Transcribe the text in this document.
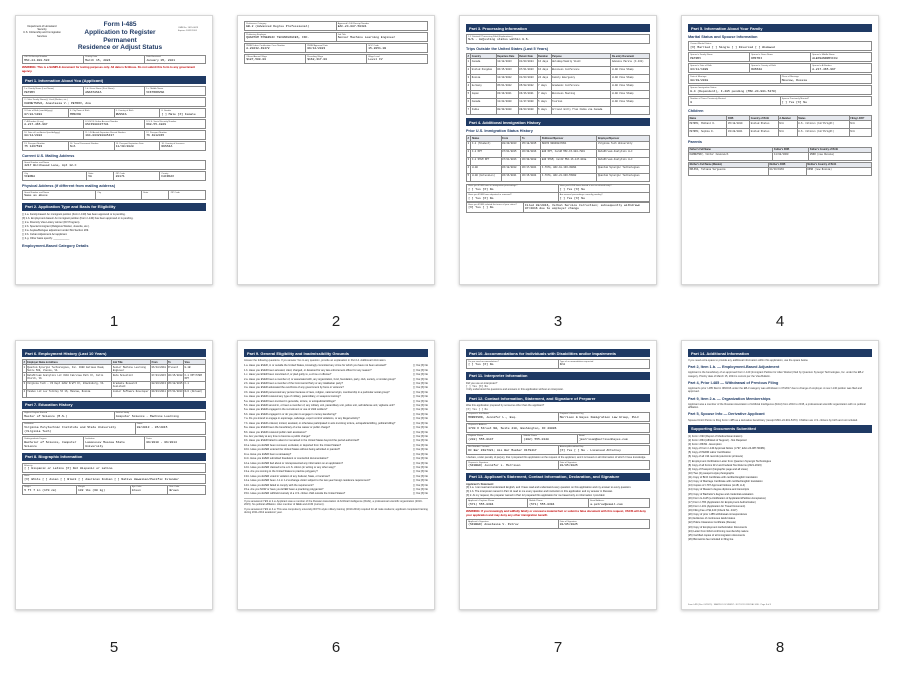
Department of Homeland
Security
U.S. Citizenship and Immigration
Services
Form I-485
Application to Register
Permanent
Residence or Adjust Status
OMB No. 1615-0023
Expires 10/31/2024
USCIS Receipt Number
MSC-24-901-583
Priority Date
March 15, 2024
Date Received
January 05, 2021
WARNING: This is a SAMPLE document for testing purposes only. All data is fictitious. Do not submit this form to any government agency.
Part 1. Information About You (Applicant)
1.a. Family Name (Last Name)
PETROV
1.b. Given Name (First Name)
ANASTASIA
1.c. Middle Name
VIKTOROVNA
2. Other Family Name(s) Used (Maiden, etc.)
KUZNETSOVA, Anastasia V.; PETROV, Ana
3. Date of Birth (mm/dd/yyyy)
07/22/1991
4. City/Town of Birth
MOSCOW
5. Country of Birth
RUSSIA
6. Gender
[ ] Male [X] Female
7. A-Number (if any)
A-217-465-997
8. USCIS Online Account Number
USCIS00437781
9. U.S. Social Security Number
698-55-4829
10. Date of Last Arrival (mm/dd/yyyy)
08/14/2022
11. I-94 Arrival-Departure Record Number
194-003291085437
12. Passport Number
76 4812345
13. Passport Number
75 1467593
14. Travel Document Number
N/A
15. Passport Expiration Date
11/30/2028
16. Country of Issuance
RUSSIA
Current U.S. Mailing Address
Street Number and Name
4217 Birchwood Lane, Apt 12-C
City
VIENNA
State
VA
ZIP Code
20171
County
FAIRFAX
Physical Address (if different from mailing address)
Street Number and Name
Same as above
City	State	ZIP Code
Part 2. Application Type and Basis for Eligibility
[ ] 1.a. Family-based: An immigrant petition (Form I-130) has been approved or is pending.
[X] 1.b. Employment-based: An immigrant petition (Form I-140) has been approved or is pending.
[ ] 2.a. Diversity Visa Lottery winner (DV Program).
[ ] 2.b. Special immigrant (Religious Worker, Juvenile, etc.).
[ ] 3.a. Asylee/Refugee adjustment under INA Section 209.
[ ] 3.b. Cuban Adjustment Act applicant.
[ ] 4.g. Other basis specify: ___________
Employment-Based Category Details
Preference Category
EB-2 (Advanced Degree Professional)
Approved I-140 Receipt Number
EAC-24-087-50381
Petitioning Employer
QUANTUM SYNERGIC TECHNOLOGIES, INC.
Job Title
Senior Machine Learning Engineer
PERM Labor Certification Case Number
A-20232-49472
PERM Approval Date
09/12/2023
SOC Code
15-2051.00
Offered Annual Wage
$187,500.00
Prevailing Wage
$162,317.00
Wage Level
Level IV
Part 3. Processing Information
1.1 Criminal / Processing Filed (Explanations)
N/A - Adjusting status within U.S.
Trips Outside the United States (Last 5 Years)
#	Country	Departure Date	Return Date	Duration	Purpose	Re-entry Document
1	Canada	12/18/2023	01/03/2024	16 days	Holiday/Family Visit	Advance Parole (I-131)
2	United Kingdom	06/15/2023	07/01/2023	16 days	Business Conference	H-1B Visa Stamp
3	Russia	12/10/2022	01/03/2023	24 days	Family Emergency	H-1B Visa Stamp
4	Germany	05/01/2022	05/08/2022	7 days	Academic Conference	H-1B Visa Stamp
5	Japan	03/19/2021	03/26/2021	7 days	Business Meeting	H-1B Visa Stamp
6	Canada	11/22/2020	11/27/2020	5 days	Tourism	H-1B Visa Stamp
7	India	08/30/2020	09/03/2020	5 days	Arrival Entry from India via Canada	
Part 4. Additional Immigration History
Prior U.S. Immigration Status History
#	Status	From	To	Petitioner/Sponsor	Employer/Sponsor
1	F-1 (Student)	08/20/2013	05/18/2015	SEVIS N0049847391	Virginia Tech University
2	F-1 OPT	07/01/2015	06/30/2016	EAD OPT, Card# MSC-15-004-7891	DataStream Analytics LLC
3	F-1 STEM OPT	07/01/2016	06/30/2018	EAD STEM, Card# MSC-16-147-091a	DataStream Analytics LLC
4	H-1B	06/18/2018	06/17/2021	I-797A, WAC-18-193-30094	Quantum Synergic Technologies
5	H-1B (Extension)	06/16/2021	06/15/2024	I-797A, WAC-21-093-55002	Quantum Synergic Technologies
Have you EVER been in immigration proceedings?
[ ] Yes [X] No
Have you EVER been denied a visa or refused entry?
[ ] Yes [X] No
Have you EVER been deported or removed?
[ ] Yes [X] No
Are removal proceedings currently pending?
[ ] Yes [X] No
Have you EVER violated the terms of your status?
[X] Yes [ ] No
Filed 08/2016, Verbal Service Correction; subsequently withdrawn 07/2016 due to employer change
Part 5. Information About Your Family
Marital Status and Spouse Information
Current Marital Status
[X] Married [ ] Single [ ] Divorced [ ] Widowed
Spouse's Family Name
PETROV
Spouse's Given Name
DMITRI
Spouse's Middle Name
ALEKSANDROVICH
Spouse's Date of Birth
03/11/1989
Spouse's Country of Birth
RUSSIA
Spouse's A-Number
A-217-465-997
Date of Marriage
08/19/2018
Place of Marriage
Moscow, Russia
Spouse Immigration Status
H-4 (Dependent), I-485 pending (MSC-24-901-5470)
Number of Times Previously Married
0
Spouse Previously Married?
[ ] Yes [X] No
Children
Name	DOB	Country of Birth	A-Number	Status	Filing I-485?
PETROV, Mikhail D.	05/18/2019	United States	N/A	U.S. Citizen (birthright)	N/A
PETROV, Sophia D.	03/28/2021	United States	N/A	U.S. Citizen (birthright)	N/A
Parents
Father's Full Name	Father's DOB	Father's Country of Birth
KUZNETSOV, Viktor Ivanovich	11/02/1960	USSR (now Russia)
Mother's Full Name (Maiden)	Mother's DOB	Mother's Country of Birth
ORLOVA, Tatiana Sergeevna	04/19/1963	USSR (now Russia)
Part 6. Employment History (Last 10 Years)
#	Employer Name & Address	Job Title	From	To	Visa
1	Quantum Synergic Technologies, Inc. 1900 Gallows Road, Suite 500, Vienna, VA	Senior Machine Learning Engineer	06/18/2018	Present	H-1B
2	DataStream Analytics LLC 3110 Fairview Park Dr, Falls Church, VA	Data Scientist	07/01/2015	06/15/2018	F-1 OPT/STEM OPT
3	Virginia Tech - CS Dept 2202 Kraft Dr, Blacksburg, VA	Graduate Research Assistant	08/20/2013	05/18/2015	F-1
4	Yandex LLC Lev Tolstoy St 16, Moscow, Russia	Junior Software Developer	09/01/2011	07/31/2013	N/A (Abroad)
Part 7. Education History
Highest Degree Earned
Master of Science (M.S.)
Field of Study
Computer Science - Machine Learning
Institution
Virginia Polytechnic Institute and State University (Virginia Tech)
Dates
08/2013 - 05/2015
Undergraduate Degree
Bachelor of Science, Computer Science
Institution
Lomonosov Moscow State University
Dates
09/2010 - 06/2014
Part 8. Biographic Information
Ethnicity
[ ] Hispanic or Latino [X] Not Hispanic or Latino
Race
[X] White [ ] Asian [ ] Black [ ] American Indian [ ] Native Hawaiian/Pacific Islander
Height
5 ft 7 in (170 cm)
Weight
132 lbs (60 kg)
Eye Color
Green
Hair Color
Brown
Part 9. General Eligibility and Inadmissibility Grounds
Answer the following questions. If you answer Yes to any question, provide an explanation in Part 14. Additional Information.
1.a. Have you EVER, in or outside the United States, knowingly committed any crime for which you have not been arrested?	[ ] Yes [X] No
1.b. Have you EVER been arrested, cited, charged, or detained for any law enforcement officer for any reason?	[ ] Yes [X] No
1.c. Have you EVER been convicted of, or pled guilty to, a crime or offense?	[ ] Yes [X] No
2.a. Have you EVER been a member of, or associated with, any organization, fund, foundation, party, club, society, or similar group?	[ ] Yes [X] No
2.b. Have you EVER been a member of the Communist Party or any totalitarian party?	[ ] Yes [X] No
3.a. Have you EVER advocated the overthrow of any government by force or violence?	[ ] Yes [X] No
3.b. Have you EVER persecuted any person because of race, religion, national origin, membership in a particular social group?	[ ] Yes [X] No
4.a. Have you EVER received any type of military, paramilitary, or weapons training?	[ ] Yes [X] No
5.a. Have you EVER been involved in genocide, torture, or extrajudicial killings?	[ ] Yes [X] No
5.b. Have you EVER served in, or been a member of, any military unit, paramilitary unit, police unit, self-defense unit, vigilante unit?	[ ] Yes [X] No
6.a. Have you EVER engaged in the recruitment or use of child soldiers?	[ ] Yes [X] No
6.b. Have you EVER engaged in or do you plan to engage in money laundering?	[ ] Yes [X] No
7.a. Do you intend to engage in espionage, sabotage, export control violations, or any illegal activity?	[ ] Yes [X] No
7.b. Have you EVER ordered, incited, assisted, or otherwise participated in acts involving torture, extrajudicial killing, political killing?	[ ] Yes [X] No
8.a. Have you EVER been the beneficiary of a fee waiver or public charge?	[ ] Yes [X] No
8.b. Have you EVER received public cash assistance?	[ ] Yes [X] No
9.a. Are you likely at any time to become a public charge?	[ ] Yes [X] No
9.b. Have you EVER failed to attend or remained in the United States beyond the period authorized?	[ ] Yes [X] No
10.a. Have you EVER been removed, excluded, or deported from the United States?	[ ] Yes [X] No
10.b. Have you EVER entered the United States without being admitted or paroled?	[ ] Yes [X] No
11.a. Have you EVER been a stowaway?	[ ] Yes [X] No
11.b. Have you EVER submitted fraudulent or counterfeit documentation?	[ ] Yes [X] No
12.a. Have you EVER lied about or misrepresented any information on an application?	[ ] Yes [X] No
12.b. Have you EVER claimed to be a U.S. citizen (in writing or any other way)?	[ ] Yes [X] No
13.a. Are you coming to the United States to practice polygamy?	[ ] Yes [X] No
13.b. Have you EVER voted in violation of any Federal, State, or local law?	[ ] Yes [X] No
14.a. Have you EVER been J-1 or J-2 exchange visitor subject to the two-year foreign residence requirement?	[ ] Yes [X] No
14.b. Have you EVER failed to comply with the requirement?	[ ] Yes [X] No
15.a. Are you NOW or have you EVER been a practicing polygamist?	[ ] Yes [X] No
15.b. Have you EVER withheld custody of a U.S. citizen child outside the United States?	[ ] Yes [X] No
If you answered YES to 2.a: Applicant was a member of the Russian Association of Artificial Intelligence (RAAI), a professional scientific organization (2010-2015). No political affiliation. Also member of IEEE and ACM (current).
If you answered YES to 4.a: This was compulsory university ROTC-style military training (2010-2012) required for all male students; applicant completed training during 2011-2012 academic year.
Part 10. Accommodations for Individuals with Disabilities and/or Impairments
Do you need accommodations?
[ ] Yes [X] No
Type of accommodation requested
N/A
Part 11. Interpreter Information
Did you use an interpreter?
[ ] Yes [X] No
I fully understood the questions and answers in this application without an interpreter.
Part 12. Contact Information, Statement, and Signature of Preparer
Was this application prepared by someone other than the applicant?
[X] Yes [ ] No
Preparer's Full Name
MORRISON, Jennifer L., Esq.
Preparer's Business/Org
Morrison & Hayes Immigration Law Group, PLLC
Preparer's Address
1730 K Street NW, Suite 410, Washington, DC 20006
Daytime Phone
(202) 555-0147
Mobile Phone
(202) 555-0148
Email
jmorrison@morrisonhayes.com
Bar Number / License
DC Bar #487321; ALL Bar Member #179417
Attorney/Accredited Rep
[X] Yes [ ] No - Licensed Attorney
I declare, under penalty of perjury, that I prepared this application at the request of the applicant, and it is based on all information of which I have knowledge.
Preparer's Signature
(SIGNED) Jennifer L. Morrison
Date of Signature
01/05/2025
Part 13. Applicant's Statement, Contact Information, Declaration, and Signature
Applicant's Statement:
[X] 1.a. I can read and understand English, and I have read and understand every question on this application and my answer to every question.
[X] 1.b. The interpreter named in Part 11 read to me every question and instruction in this application and my answer in Russian.
[X] 2. At my request, the preparer named in Part 12 prepared this application for me based only on information I provided.
Applicant's Daytime Phone
(571) 555-0394
Mobile Phone
(571) 555-0394
Email Address
a.petrov@email.com
WARNING: If you knowingly and willfully falsify or conceal a material fact or submit a false document with this request, USCIS will deny your application and may deny any other immigration benefit.
Applicant's Signature
(SIGNED) Anastasia V. Petrov
Date of Signature
01/05/2025
Part 14. Additional Information
If you need extra space to provide any additional information within this application, use the space below.
Part 2, Item 1.b. — Employment-Based Adjustment
Applicant is the beneficiary of an approved Form I-140 (Immigrant Petition for Alien Worker) filed by Quantum Synergic Technologies, Inc. under the EB-2 category. Priority date of March 15, 2024 is current per the Visa Bulletin.
Part 4, Prior I-485 — Withdrawal of Previous Filing
Applicant's prior I-485 filed in 08/2016 under the EB-3 category was withdrawn in 07/2017 due to change of employer. A new I-140 petition was filed and approved.
Part 9, Item 2.a. — Organization Memberships
Applicant was a member of the Russian Association of Artificial Intelligence (RAAI) from 2010 to 2015, a professional scientific organization with no political affiliation.
Part 5, Spouse Info — Derivative Applicant
Spouse Dmitri Petrov is filing Form I-485 as a derivative beneficiary (receipt MSC-24-901-5470). Children are U.S. citizens by birth and not included.
Supporting Documents Submitted
(1) Form I-693 (Report of Medical Examination)
(2) Form I-864 (Affidavit of Support) - Not Required
(3) Form I-864W - Exemption
(4) Copy of Form I-140 Approval Notice (I-797, EAC-24-087-50381)
(5) Copy of PERM Labor Certification
(6) Copy of all I-94 records (electronic printouts)
(7) Employment Verification Letter from Quantum Synergic Technologies
(8) Copy of all Forms W-2 and Federal Tax Returns (2021-2023)
(9) Copy of Passport (biographic page and all visas)
(10) Two (2) passport-style photographs
(11) Copy of Birth Certificate with certified English translation
(12) Copy of Marriage Certificate with certified English translation
(13) Copies of I-797 Approval Notices (H-1B, H-4)
(14) Copy of Master's degree diploma and transcripts
(15) Copy of Bachelor's degree and credential evaluation
(16) Form G-1145 (e-Notification of Application/Petition Acceptance)
(17) Form I-765 (Application for Employment Authorization)
(18) Form I-131 (Application for Travel Document)
(19) Filing Fee of $1,440 (Check No. 4417)
(20) Copy of prior I-485 withdrawal correspondence
(21) Evidence of continuous lawful status
(22) Police Clearance Certificate (Russia)
(23) Copy of Employment Authorization Documents
(24) Letter from RAAI confirming membership nature
(25) Certified copies of all immigration documents
(26) Biometrics fee included in filing fee
Form I-485 (Rev. 01/20/25) · SAMPLE DOCUMENT - NOT FOR OFFICIAL USE · Page 8 of 8
1	2	3	4
5	6	7	8
